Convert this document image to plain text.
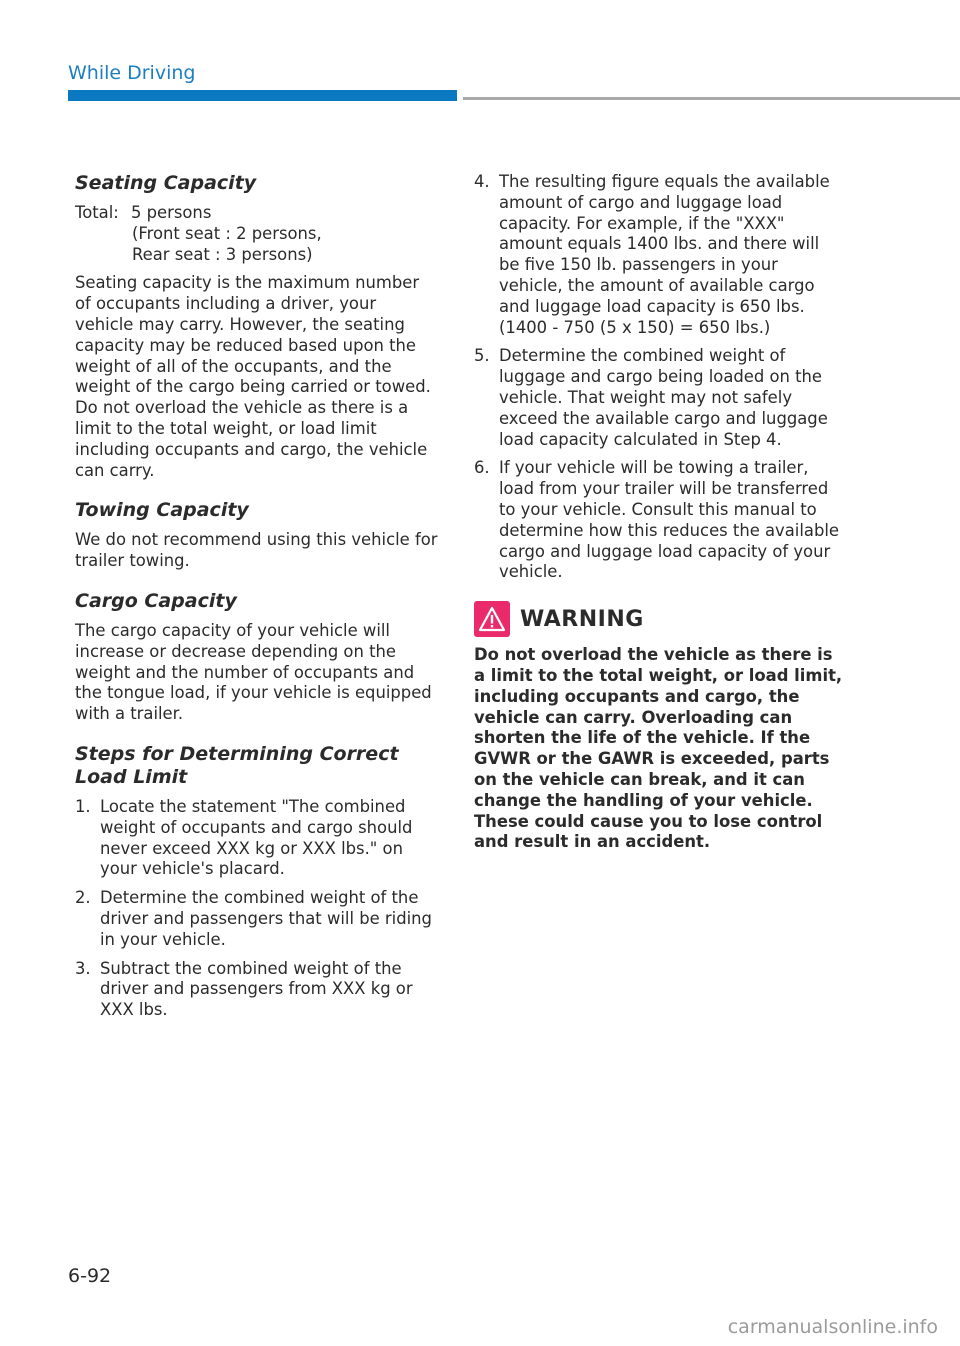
While Driving
Seating Capacity
Total: 5 persons
(Front seat : 2 persons,
Rear seat : 3 persons)

Seating capacity is the maximum number of occupants including a driver, your vehicle may carry. However, the seating capacity may be reduced based upon the weight of all of the occupants, and the weight of the cargo being carried or towed. Do not overload the vehicle as there is a limit to the total weight, or load limit including occupants and cargo, the vehicle can carry.

Towing Capacity

We do not recommend using this vehicle for trailer towing.

Cargo Capacity

The cargo capacity of your vehicle will increase or decrease depending on the weight and the number of occupants and the tongue load, if your vehicle is equipped with a trailer.

Steps for Determining Correct Load Limit
1. Locate the statement "The combined weight of occupants and cargo should never exceed XXX kg or XXX lbs." on your vehicle's placard.
2. Determine the combined weight of the driver and passengers that will be riding in your vehicle.
3. Subtract the combined weight of the driver and passengers from XXX kg or XXX lbs.
4. The resulting figure equals the available amount of cargo and luggage load capacity. For example, if the "XXX" amount equals 1400 lbs. and there will be five 150 lb. passengers in your vehicle, the amount of available cargo and luggage load capacity is 650 lbs. (1400 - 750 (5 x 150) = 650 lbs.)
5. Determine the combined weight of luggage and cargo being loaded on the vehicle. That weight may not safely exceed the available cargo and luggage load capacity calculated in Step 4.
6. If your vehicle will be towing a trailer, load from your trailer will be transferred to your vehicle. Consult this manual to determine how this reduces the available cargo and luggage load capacity of your vehicle.
WARNING

Do not overload the vehicle as there is a limit to the total weight, or load limit, including occupants and cargo, the vehicle can carry. Overloading can shorten the life of the vehicle. If the GVWR or the GAWR is exceeded, parts on the vehicle can break, and it can change the handling of your vehicle. These could cause you to lose control and result in an accident.

6-92
carmanualsonline.info
